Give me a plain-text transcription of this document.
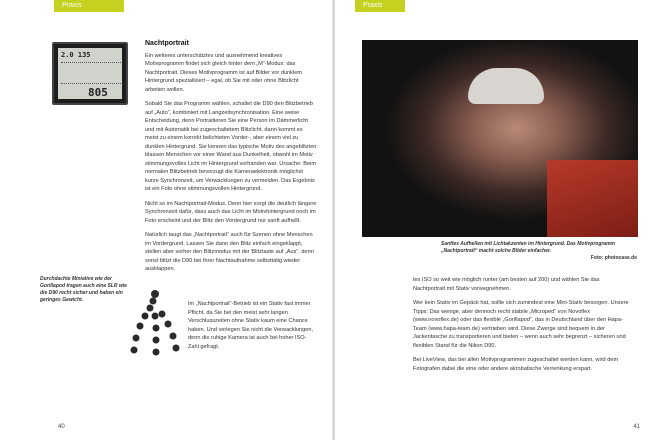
Praxis
2.0 135
805
Nachtportrait

Ein weiteres unterschätztes und ausnehmend kreatives Motivprogramm findet sich gleich hinter dem „M“-Modus: das Nachtportrait. Dieses Motivprogramm ist auf Bilder vor dunklem Hintergrund spezialisiert – egal, ob Sie mit oder ohne Blitzlicht arbeiten wollen.

Sobald Sie das Programm wählen, schaltet die D90 den Blitzbetrieb auf „Auto“, kombiniert mit Langzeitsynchronisation. Eine weise Entscheidung, denn Portraitieren Sie eine Person im Dämmerlicht und mit Automatik bei zugeschaltetem Blitzlicht, dann kommt es meist zu einem korrekt belichteten Vorder-, aber einem viel zu dunklen Hintergrund. Sie kennen das typische Motiv des angeblitzten blassen Menschen vor einer Wand aus Dunkelheit, obwohl im Motiv stimmungsvolles Licht im Hintergrund vorhanden war. Ursache: Beim normalen Blitzbetrieb bevorzugt die Kameraelektronik möglichst kurze Synchronzeit, um Verwacklungen zu vermeiden. Das Ergebnis ist ein Foto ohne stimmungsvollen Hintergrund.

Nicht so im Nachtportrait-Modus. Denn hier sorgt die deutlich längere Synchronzeit dafür, dass auch das Licht im Motivhintergrund noch im Foto erscheint und der Blitz den Vordergrund nur sanft aufhellt.

Natürlich taugt das „Nachtportrait“ auch für Szenen ohne Menschen im Vordergrund. Lassen Sie dann den Blitz einfach eingeklappt, stellen aber vorher den Blitzmodus mit der Blitztaste auf „Aus“, denn sonst blitzt die D90 bei Ihrer Nachtaufnahme selbsttätig wieder ausklappen.

Durchdachte Miniative wie der Gorillapod tragen auch eine SLR wie die D90 recht sicher und haben ein geringes Gewicht.

Im „Nachtportrait“-Betrieb ist ein Stativ fast immer Pflicht, da Sie bei den meist sehr langen Verschlusszeiten ohne Stativ kaum eine Chance haben. Und verlegen Sie nicht die Verwacklungen, denn die ruhige Kamera ist auch bei hoher ISO-Zahl gefragt.

40
Praxis
Sanftes Aufhellen mit Lichtakzenten im Hintergrund. Das Motivprogramm „Nachtportrait“ macht solche Bilder einfacher.
Foto: photocase.de

tes ISO so weit wie möglich runter (am besten auf 200) und wählen Sie das Nachtportrait mit Stativ vorwegnehmen.

Wer kein Stativ im Gepäck hat, sollte sich zumindest eine Mini-Stativ besorgen. Unsere Tipps: Das wenige, aber dennoch recht stabile „Microped“ von Novoflex (www.novoflex.de) oder das flexible „Gorillapod“, das in Deutschland über den Hapa-Team (www.hapa-team.de) vertrieben wird. Diese Zwerge sind bequem in der Jackentasche zu transportieren und bieten – wenn auch sehr begrenzt – sicheren und flexiblen Stand für die Nikon D90.

Bei LiveView, das bei allen Motivprogrammen zugeschaltet werden kann, wird dem Fotografen dabei die eine oder andere akrobatische Verrenkung erspart.

41
